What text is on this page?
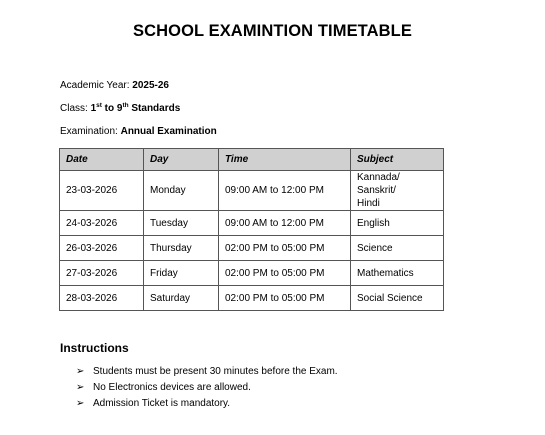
SCHOOL EXAMINTION TIMETABLE
Academic Year: 2025-26
Class: 1st to 9th Standards
Examination: Annual Examination
Date	Day	Time	Subject
23-03-2026	Monday	09:00 AM to 12:00 PM	Kannada/
Sanskrit/
Hindi
24-03-2026	Tuesday	09:00 AM to 12:00 PM	English
26-03-2026	Thursday	02:00 PM to 05:00 PM	Science
27-03-2026	Friday	02:00 PM to 05:00 PM	Mathematics
28-03-2026	Saturday	02:00 PM to 05:00 PM	Social Science
Instructions
➢ Students must be present 30 minutes before the Exam.
➢ No Electronics devices are allowed.
➢ Admission Ticket is mandatory.
